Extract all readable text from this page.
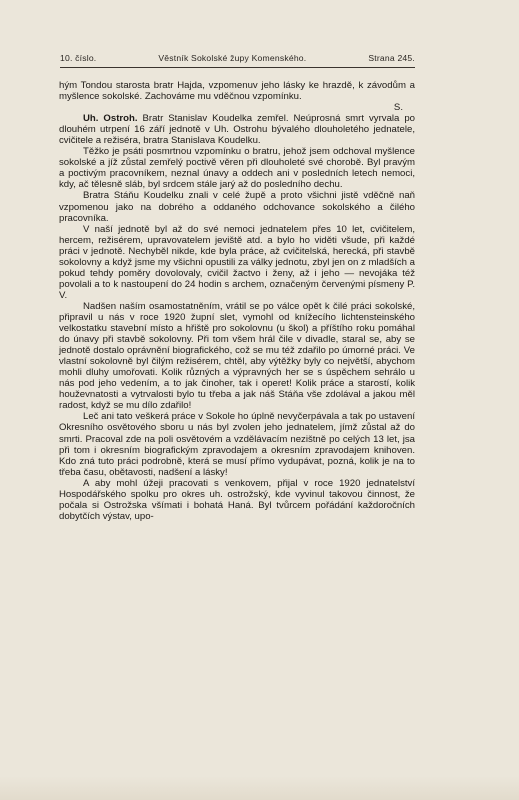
10. číslo.	Věstník Sokolské župy Komenského.	Strana 245.

hým Tondou starosta bratr Hajda, vzpomenuv jeho lásky ke hrazdě, k závodům a myšlence sokolské. Zachováme mu vděčnou vzpomínku.

S.

Uh. Ostroh. Bratr Stanislav Koudelka zemřel. Neúprosná smrt vyrvala po dlouhém utrpení 16 září jednotě v Uh. Ostrohu bývalého dlouholetého jednatele, cvičitele a režiséra, bratra Stanislava Koudelku.

Těžko je psáti posmrtnou vzpomínku o bratru, jehož jsem odchoval myšlence sokolské a jíž zůstal zemřelý poctivě věren při dlouholeté své chorobě. Byl pravým a poctivým pracovníkem, neznal únavy a oddech ani v posledních letech nemoci, kdy, ač tělesně sláb, byl srdcem stále jarý až do posledního dechu.

Bratra Stáňu Koudelku znali v celé župě a proto všichni jistě vděčně naň vzpomenou jako na dobrého a oddaného odchovance sokolského a čilého pracovníka.

V naší jednotě byl až do své nemoci jednatelem přes 10 let, cvičitelem, hercem, režisérem, upravovatelem jeviště atd. a bylo ho viděti všude, při každé práci v jednotě. Nechyběl nikde, kde byla práce, až cvičitelská, herecká, při stavbě sokolovny a když jsme my všichni opustili za války jednotu, zbyl jen on z mladších a pokud tehdy poměry dovolovaly, cvičil žactvo i ženy, až i jeho — nevojáka též povolali a to k nastoupení do 24 hodin s archem, označeným červenými písmeny P. V.

Nadšen naším osamostatněním, vrátil se po válce opět k čilé práci sokolské, připravil u nás v roce 1920 župní slet, vymohl od knížecího lichtensteinského velkostatku stavební místo a hřiště pro sokolovnu (u škol) a příštího roku pomáhal do únavy při stavbě sokolovny. Při tom všem hrál čile v divadle, staral se, aby se jednotě dostalo oprávnění biografického, což se mu též zdařilo po úmorné práci. Ve vlastní sokolovně byl čilým režisérem, chtěl, aby výtěžky byly co největší, abychom mohli dluhy umořovati. Kolik různých a výpravných her se s úspěchem sehrálo u nás pod jeho vedením, a to jak činoher, tak i operet! Kolik práce a starostí, kolik houževnatosti a vytrvalosti bylo tu třeba a jak náš Stáňa vše zdolával a jakou měl radost, když se mu dílo zdařilo!

Leč ani tato veškerá práce v Sokole ho úplně nevyčerpávala a tak po ustavení Okresního osvětového sboru u nás byl zvolen jeho jednatelem, jímž zůstal až do smrti. Pracoval zde na poli osvětovém a vzdělávacím nezištně po celých 13 let, jsa při tom i okresním biografickým zpravodajem a okresním zpravodajem knihoven. Kdo zná tuto práci podrobně, která se musí přímo vydupávat, pozná, kolik je na to třeba času, obětavosti, nadšení a lásky!

A aby mohl úžeji pracovati s venkovem, přijal v roce 1920 jednatelství Hospodářského spolku pro okres uh. ostrožský, kde vyvinul takovou činnost, že počala si Ostrožska všímati i bohatá Haná. Byl tvůrcem pořádání každoročních dobytčích výstav, upo-
